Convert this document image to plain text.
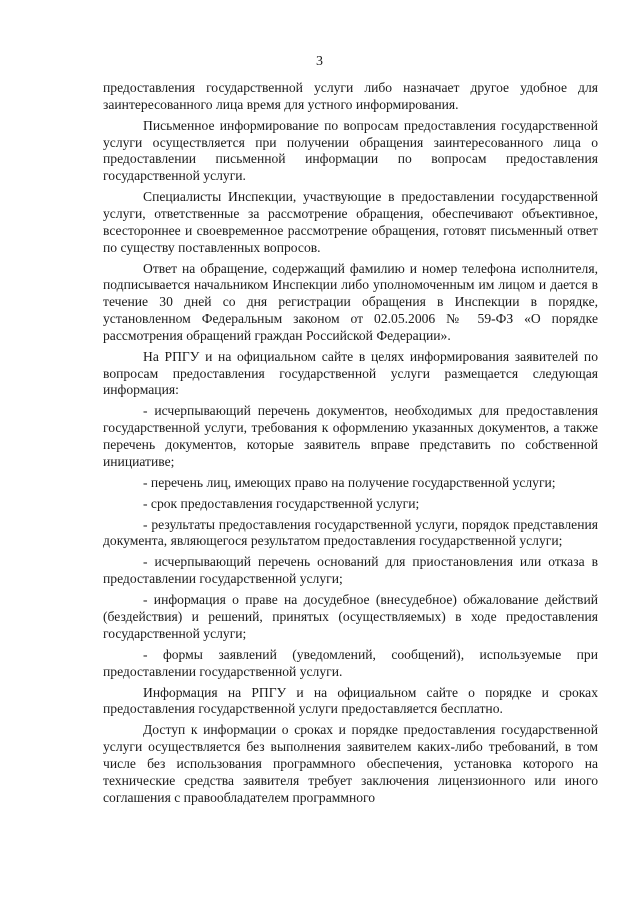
3

предоставления государственной услуги либо назначает другое удобное для заинтересованного лица время для устного информирования.

Письменное информирование по вопросам предоставления государственной услуги осуществляется при получении обращения заинтересованного лица о предоставлении письменной информации по вопросам предоставления государственной услуги.

Специалисты Инспекции, участвующие в предоставлении государственной услуги, ответственные за рассмотрение обращения, обеспечивают объективное, всестороннее и своевременное рассмотрение обращения, готовят письменный ответ по существу поставленных вопросов.

Ответ на обращение, содержащий фамилию и номер телефона исполнителя, подписывается начальником Инспекции либо уполномоченным им лицом и дается в течение 30 дней со дня регистрации обращения в Инспекции в порядке, установленном Федеральным законом от 02.05.2006 № 59-ФЗ «О порядке рассмотрения обращений граждан Российской Федерации».

На РПГУ и на официальном сайте в целях информирования заявителей по вопросам предоставления государственной услуги размещается следующая информация:

- исчерпывающий перечень документов, необходимых для предоставления государственной услуги, требования к оформлению указанных документов, а также перечень документов, которые заявитель вправе представить по собственной инициативе;

- перечень лиц, имеющих право на получение государственной услуги;

- срок предоставления государственной услуги;

- результаты предоставления государственной услуги, порядок представления документа, являющегося результатом предоставления государственной услуги;

- исчерпывающий перечень оснований для приостановления или отказа в предоставлении государственной услуги;

- информация о праве на досудебное (внесудебное) обжалование действий (бездействия) и решений, принятых (осуществляемых) в ходе предоставления государственной услуги;

- формы заявлений (уведомлений, сообщений), используемые при предоставлении государственной услуги.

Информация на РПГУ и на официальном сайте о порядке и сроках предоставления государственной услуги предоставляется бесплатно.

Доступ к информации о сроках и порядке предоставления государственной услуги осуществляется без выполнения заявителем каких-либо требований, в том числе без использования программного обеспечения, установка которого на технические средства заявителя требует заключения лицензионного или иного соглашения с правообладателем программного
